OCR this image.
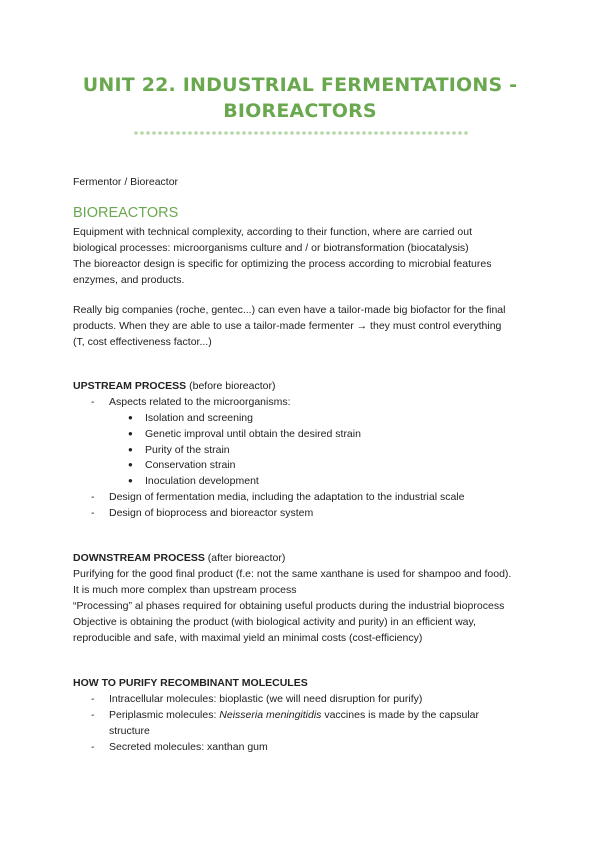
UNIT 22. INDUSTRIAL FERMENTATIONS -
BIOREACTORS
Fermentor / Bioreactor
BIOREACTORS
Equipment with technical complexity, according to their function, where are carried out
biological processes: microorganisms culture and / or biotransformation (biocatalysis)
The bioreactor design is specific for optimizing the process according to microbial features
enzymes, and products.
Really big companies (roche, gentec...) can even have a tailor-made big biofactor for the final
products. When they are able to use a tailor-made fermenter → they must control everything
(T, cost effectiveness factor...)
UPSTREAM PROCESS (before bioreactor)
- Aspects related to the microorganisms:
● Isolation and screening
● Genetic improval until obtain the desired strain
● Purity of the strain
● Conservation strain
● Inoculation development
- Design of fermentation media, including the adaptation to the industrial scale
- Design of bioprocess and bioreactor system
DOWNSTREAM PROCESS (after bioreactor)
Purifying for the good final product (f.e: not the same xanthane is used for shampoo and food).
It is much more complex than upstream process
“Processing” al phases required for obtaining useful products during the industrial bioprocess
Objective is obtaining the product (with biological activity and purity) in an efficient way,
reproducible and safe, with maximal yield an minimal costs (cost-efficiency)
HOW TO PURIFY RECOMBINANT MOLECULES
- Intracellular molecules: bioplastic (we will need disruption for purify)
- Periplasmic molecules: Neisseria meningitidis vaccines is made by the capsular
structure
- Secreted molecules: xanthan gum
